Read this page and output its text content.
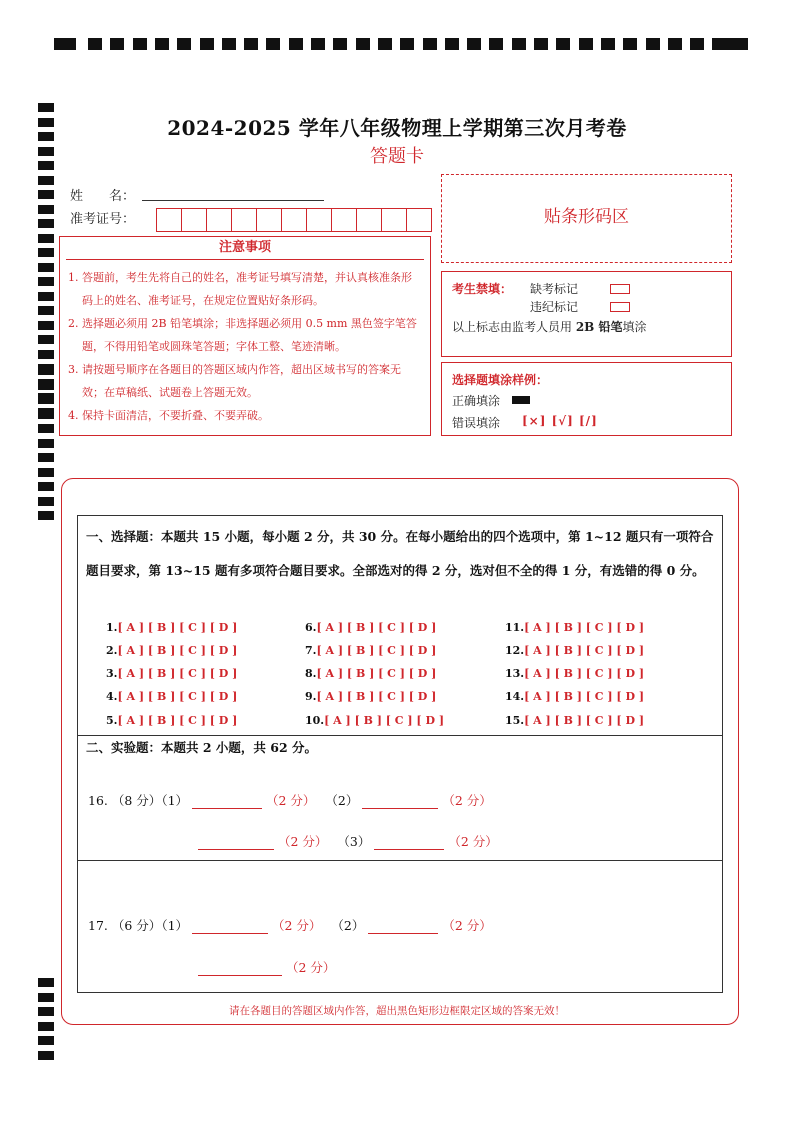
2024-2025 学年八年级物理上学期第三次月考卷
答题卡
姓　　名：
准考证号：	贴条形码区
注意事项
1. 答题前，考生先将自己的姓名，准考证号填写清楚，并认真核准条形码上的姓名、准考证号，在规定位置贴好条形码。
2. 选择题必须用 2B 铅笔填涂；非选择题必须用 0.5 mm 黑色签字笔答题，不得用铅笔或圆珠笔答题；字体工整、笔迹清晰。
3. 请按题号顺序在各题目的答题区域内作答，超出区域书写的答案无效；在草稿纸、试题卷上答题无效。
4. 保持卡面清洁，不要折叠、不要弄破。
考生禁填： 缺考标记
违纪标记
以上标志由监考人员用 2B 铅笔填涂
选择题填涂样例：
正确填涂
错误填涂 [×] [√] [/]
一、选择题：本题共 15 小题，每小题 2 分，共 30 分。在每小题给出的四个选项中，第 1~12 题只有一项符合题目要求，第 13~15 题有多项符合题目要求。全部选对的得 2 分，选对但不全的得 1 分，有选错的得 0 分。
1.[ A ] [ B ] [ C ] [ D ]
2.[ A ] [ B ] [ C ] [ D ]
3.[ A ] [ B ] [ C ] [ D ]
4.[ A ] [ B ] [ C ] [ D ]
5.[ A ] [ B ] [ C ] [ D ]
6.[ A ] [ B ] [ C ] [ D ]
7.[ A ] [ B ] [ C ] [ D ]
8.[ A ] [ B ] [ C ] [ D ]
9.[ A ] [ B ] [ C ] [ D ]
10.[ A ] [ B ] [ C ] [ D ]
11.[ A ] [ B ] [ C ] [ D ]
12.[ A ] [ B ] [ C ] [ D ]
13.[ A ] [ B ] [ C ] [ D ]
14.[ A ] [ B ] [ C ] [ D ]
15.[ A ] [ B ] [ C ] [ D ]
二、实验题：本题共 2 小题，共 62 分。
16. （8 分）（1）	（2 分） （2）	（2 分）
（2 分） （3）	（2 分）
17. （6 分）（1）	（2 分） （2）	（2 分）
（2 分）
请在各题目的答题区域内作答，超出黑色矩形边框限定区域的答案无效！
